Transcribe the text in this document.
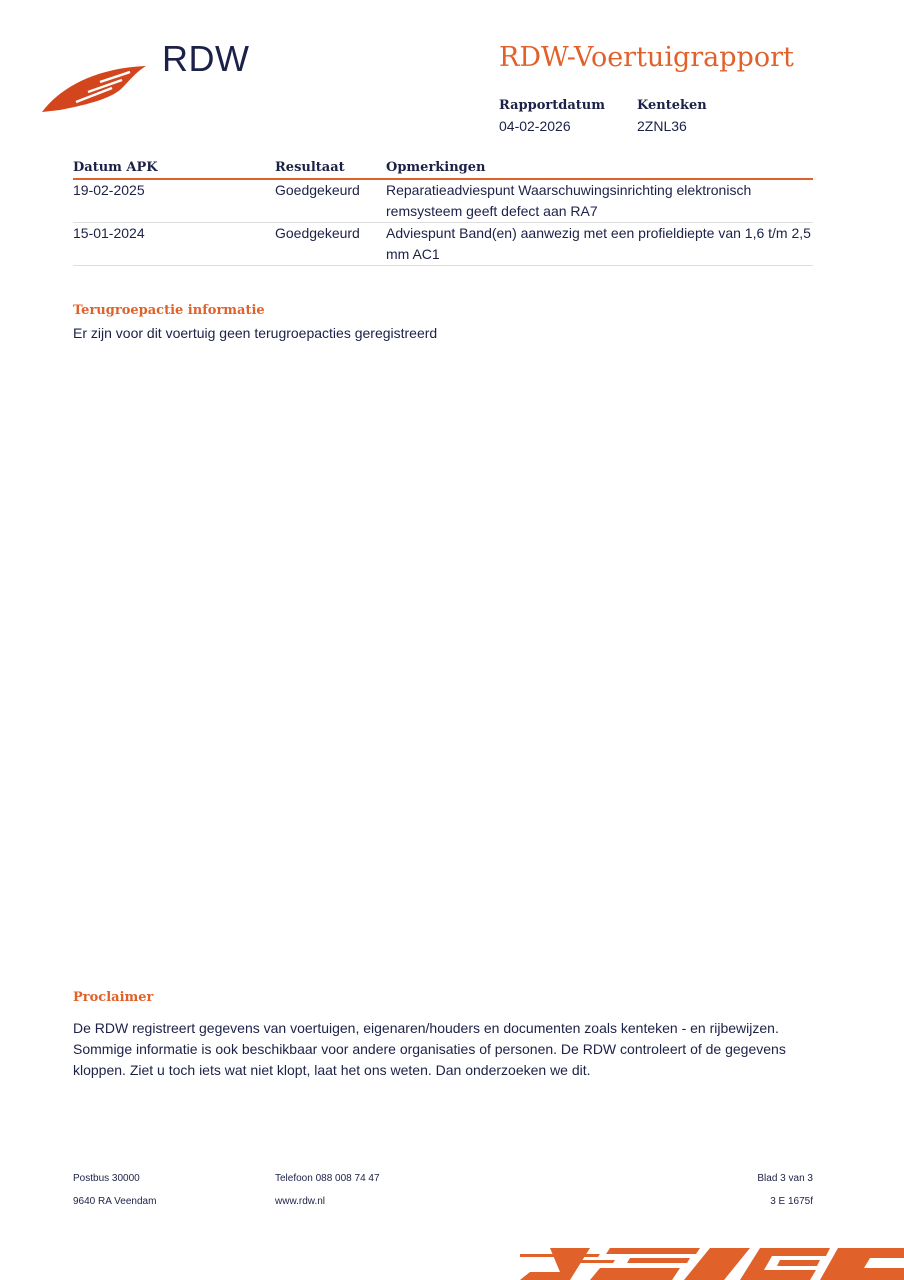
RDW	RDW-Voertuigrapport
Rapportdatum
04-02-2026
Kenteken
2ZNL36
Datum APK	Resultaat	Opmerkingen
19-02-2025	Goedgekeurd	Reparatieadviespunt Waarschuwingsinrichting elektronisch remsysteem geeft defect aan RA7
15-01-2024	Goedgekeurd	Adviespunt Band(en) aanwezig met een profieldiepte van 1,6 t/m 2,5 mm AC1
Terugroepactie informatie
Er zijn voor dit voertuig geen terugroepacties geregistreerd
Proclaimer
De RDW registreert gegevens van voertuigen, eigenaren/houders en documenten zoals kenteken - en rijbewijzen. Sommige informatie is ook beschikbaar voor andere organisaties of personen. De RDW controleert of de gegevens kloppen. Ziet u toch iets wat niet klopt, laat het ons weten. Dan onderzoeken we dit.
Postbus 30000
9640 RA Veendam
Telefoon 088 008 74 47
www.rdw.nl
Blad 3 van 3
3 E 1675f
